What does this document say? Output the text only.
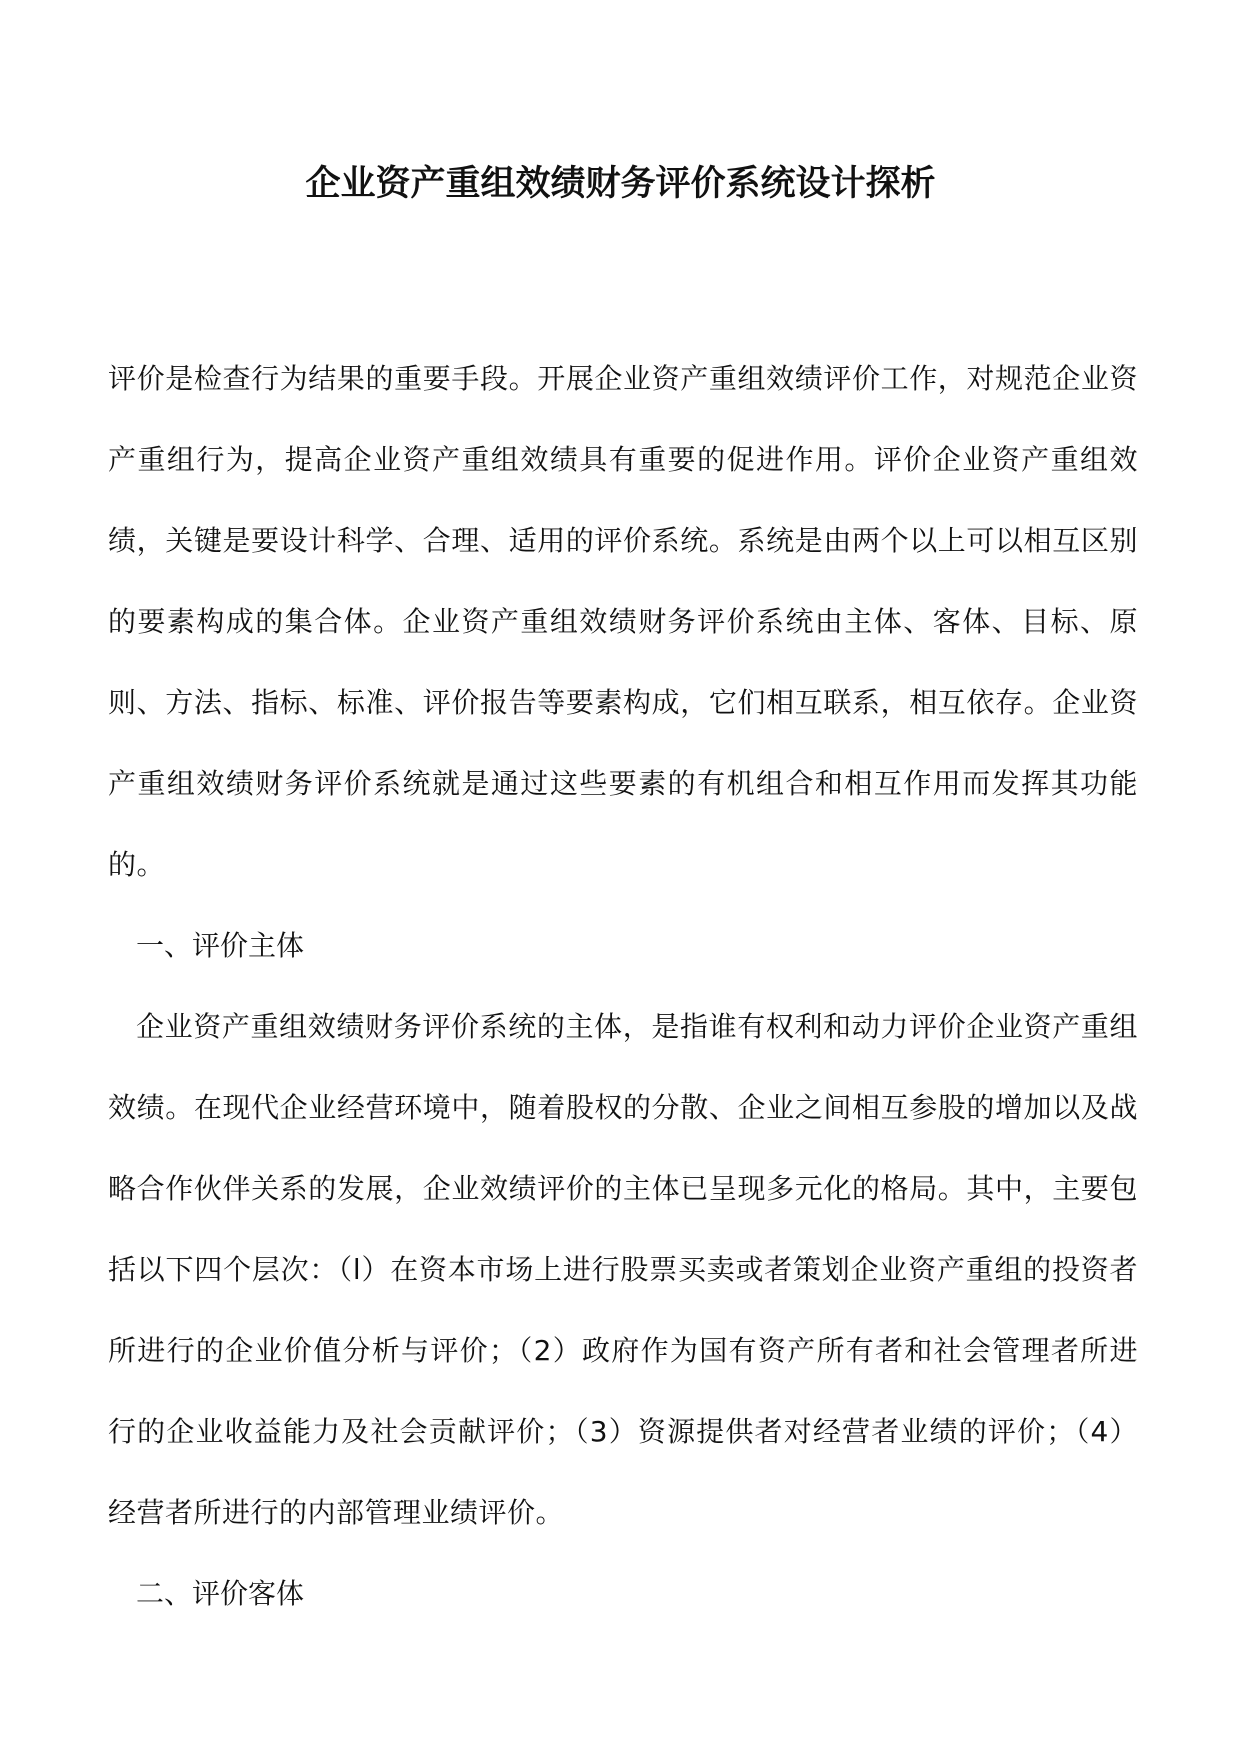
企业资产重组效绩财务评价系统设计探析

评价是检查行为结果的重要手段。开展企业资产重组效绩评价工作，对规范企业资产重组行为，提高企业资产重组效绩具有重要的促进作用。评价企业资产重组效绩，关键是要设计科学、合理、适用的评价系统。系统是由两个以上可以相互区别的要素构成的集合体。企业资产重组效绩财务评价系统由主体、客体、目标、原则、方法、指标、标准、评价报告等要素构成，它们相互联系，相互依存。企业资产重组效绩财务评价系统就是通过这些要素的有机组合和相互作用而发挥其功能的。

一、评价主体

企业资产重组效绩财务评价系统的主体，是指谁有权利和动力评价企业资产重组效绩。在现代企业经营环境中，随着股权的分散、企业之间相互参股的增加以及战略合作伙伴关系的发展，企业效绩评价的主体已呈现多元化的格局。其中，主要包括以下四个层次：（l）在资本市场上进行股票买卖或者策划企业资产重组的投资者所进行的企业价值分析与评价；（2）政府作为国有资产所有者和社会管理者所进行的企业收益能力及社会贡献评价；（3）资源提供者对经营者业绩的评价；（4）经营者所进行的内部管理业绩评价。

二、评价客体
